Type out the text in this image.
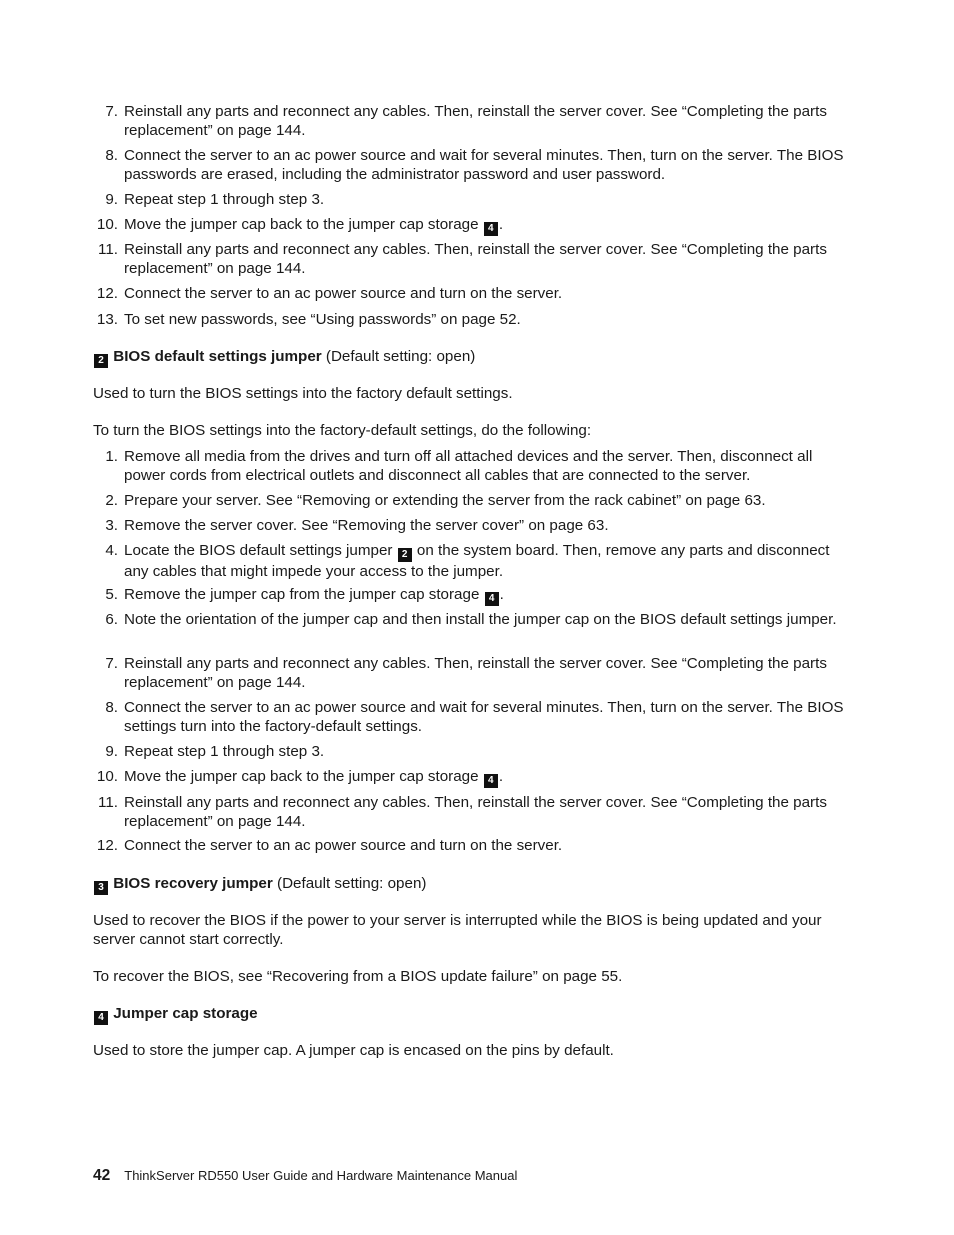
7. Reinstall any parts and reconnect any cables. Then, reinstall the server cover. See “Completing the parts replacement” on page 144.
8. Connect the server to an ac power source and wait for several minutes. Then, turn on the server. The BIOS passwords are erased, including the administrator password and user password.
9. Repeat step 1 through step 3.
10. Move the jumper cap back to the jumper cap storage 4 .
11. Reinstall any parts and reconnect any cables. Then, reinstall the server cover. See “Completing the parts replacement” on page 144.
12. Connect the server to an ac power source and turn on the server.
13. To set new passwords, see “Using passwords” on page 52.
2 BIOS default settings jumper (Default setting: open)
Used to turn the BIOS settings into the factory default settings.
To turn the BIOS settings into the factory-default settings, do the following:
1. Remove all media from the drives and turn off all attached devices and the server. Then, disconnect all power cords from electrical outlets and disconnect all cables that are connected to the server.
2. Prepare your server. See “Removing or extending the server from the rack cabinet” on page 63.
3. Remove the server cover. See “Removing the server cover” on page 63.
4. Locate the BIOS default settings jumper 2 on the system board. Then, remove any parts and disconnect any cables that might impede your access to the jumper.
5. Remove the jumper cap from the jumper cap storage 4 .
6. Note the orientation of the jumper cap and then install the jumper cap on the BIOS default settings jumper.
7. Reinstall any parts and reconnect any cables. Then, reinstall the server cover. See “Completing the parts replacement” on page 144.
8. Connect the server to an ac power source and wait for several minutes. Then, turn on the server. The BIOS settings turn into the factory-default settings.
9. Repeat step 1 through step 3.
10. Move the jumper cap back to the jumper cap storage 4 .
11. Reinstall any parts and reconnect any cables. Then, reinstall the server cover. See “Completing the parts replacement” on page 144.
12. Connect the server to an ac power source and turn on the server.
3 BIOS recovery jumper (Default setting: open)
Used to recover the BIOS if the power to your server is interrupted while the BIOS is being updated and your server cannot start correctly.
To recover the BIOS, see “Recovering from a BIOS update failure” on page 55.
4 Jumper cap storage
Used to store the jumper cap. A jumper cap is encased on the pins by default.
42 ThinkServer RD550 User Guide and Hardware Maintenance Manual
